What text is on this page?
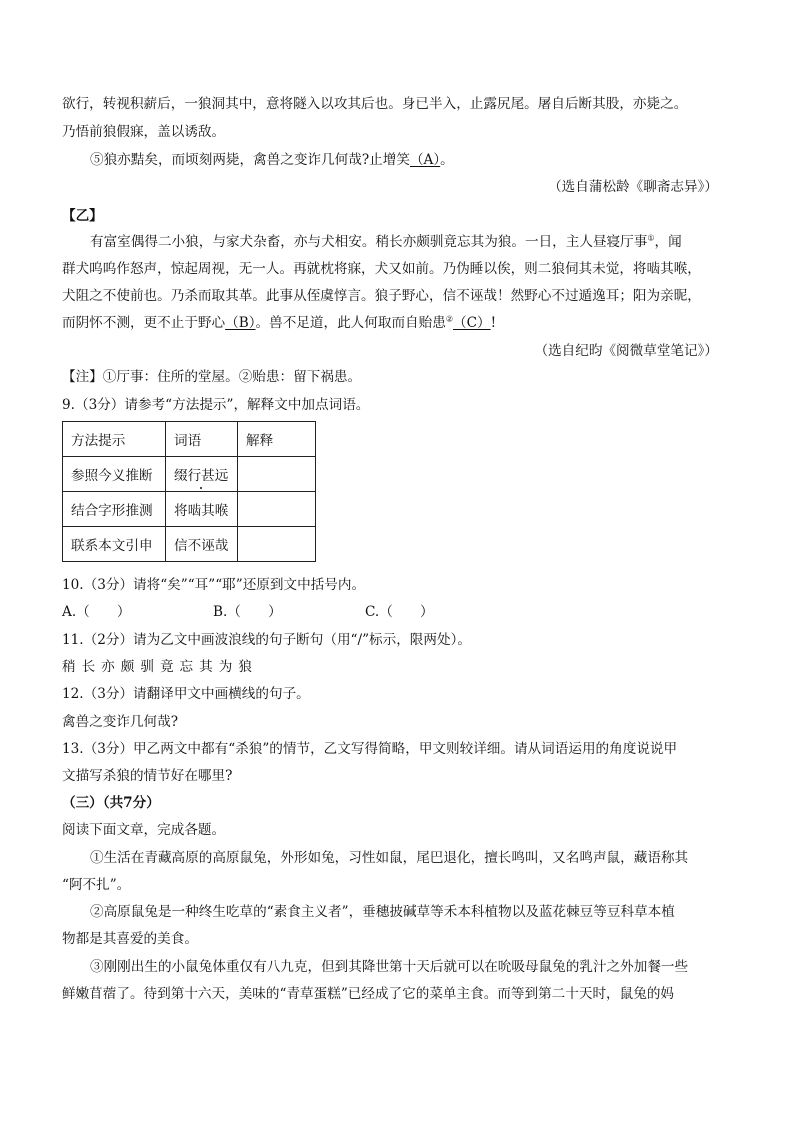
欲行，转视积薪后，一狼洞其中，意将隧入以攻其后也。身已半入，止露尻尾。屠自后断其股，亦毙之。
乃悟前狼假寐，盖以诱敌。
⑤狼亦黠矣，而顷刻两毙，禽兽之变诈几何哉?止增笑（A）。
（选自蒲松龄《聊斋志异》）
【乙】
有富室偶得二小狼，与家犬杂畜，亦与犬相安。稍长亦颇驯竟忘其为狼。一日，主人昼寝厅事①，闻
群犬呜呜作怒声，惊起周视，无一人。再就枕将寐，犬又如前。乃伪睡以俟，则二狼伺其未觉，将啮其喉，
犬阻之不使前也。乃杀而取其革。此事从侄虞惇言。狼子野心，信不诬哉！然野心不过遁逸耳；阳为亲昵，
而阴怀不测，更不止于野心（B）。兽不足道，此人何取而自贻患②（C）!
（选自纪昀《阅微草堂笔记》）
【注】①厅事：住所的堂屋。②贻患：留下祸患。
9.（3分）请参考“方法提示”，解释文中加点词语。
方法提示	词语	解释
参照今义推断	缀行甚远	
结合字形推测	将啮其喉	
联系本文引申	信不诬哉	
10.（3分）请将“矣”“耳”“耶”还原到文中括号内。
A.（　　）	B.（　　）	C.（　　）
11.（2分）请为乙文中画波浪线的句子断句（用“/”标示，限两处）。
稍长亦颇驯竟忘其为狼
12.（3分）请翻译甲文中画横线的句子。
禽兽之变诈几何哉?
13.（3分）甲乙两文中都有“杀狼”的情节，乙文写得简略，甲文则较详细。请从词语运用的角度说说甲
文描写杀狼的情节好在哪里?
（三）（共7分）
阅读下面文章，完成各题。
①生活在青藏高原的高原鼠兔，外形如兔，习性如鼠，尾巴退化，擅长鸣叫，又名鸣声鼠，藏语称其
“阿不扎”。
②高原鼠兔是一种终生吃草的“素食主义者”，垂穗披碱草等禾本科植物以及蓝花棘豆等豆科草本植
物都是其喜爱的美食。
③刚刚出生的小鼠兔体重仅有八九克，但到其降世第十天后就可以在吮吸母鼠兔的乳汁之外加餐一些
鲜嫩苜蓿了。待到第十六天，美味的“青草蛋糕”已经成了它的菜单主食。而等到第二十天时，鼠兔的妈
